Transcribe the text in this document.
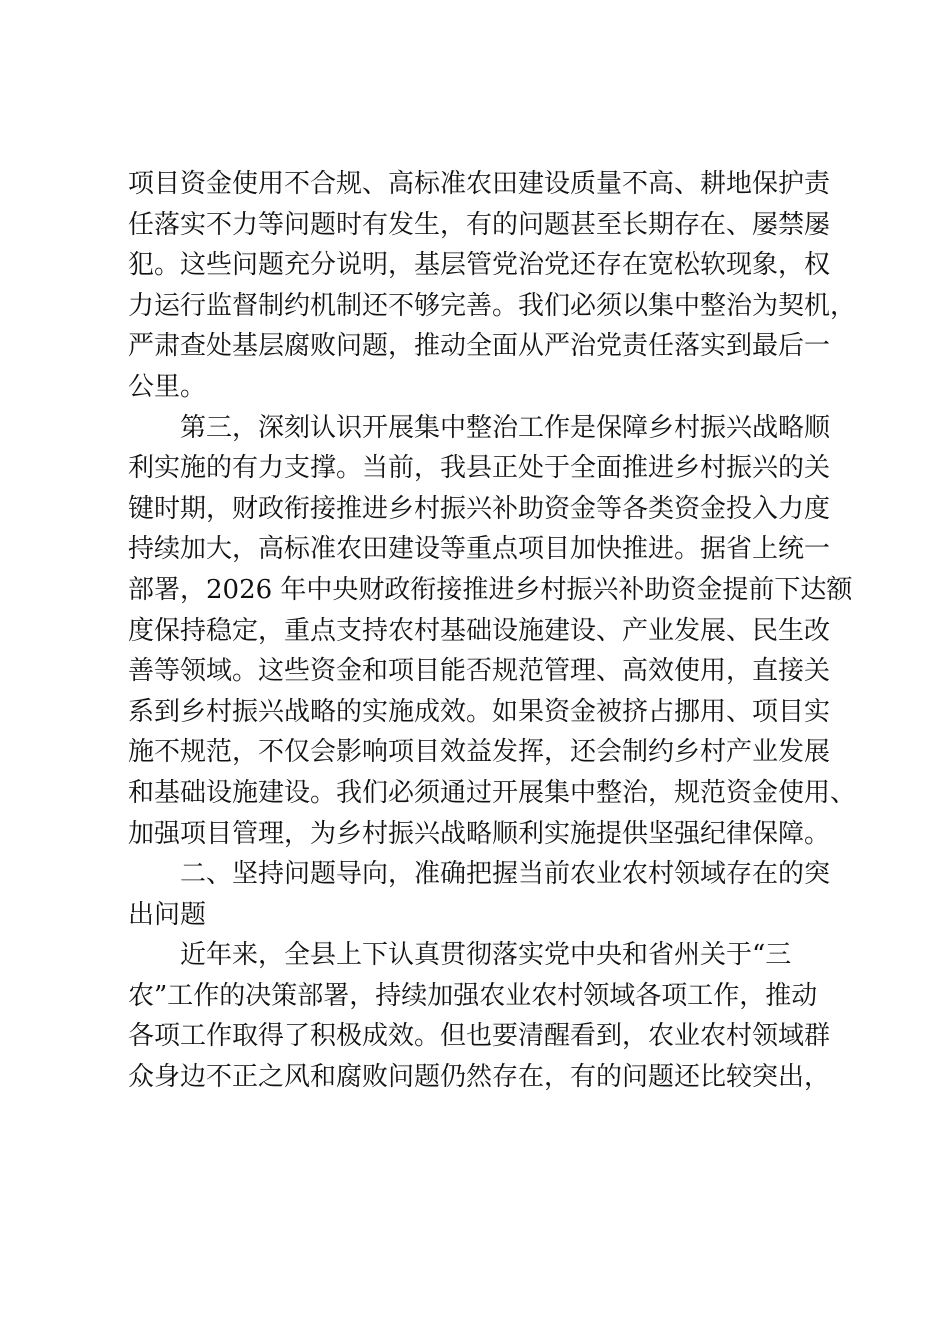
项目资金使用不合规、高标准农田建设质量不高、耕地保护责
任落实不力等问题时有发生，有的问题甚至长期存在、屡禁屡
犯。这些问题充分说明，基层管党治党还存在宽松软现象，权
力运行监督制约机制还不够完善。我们必须以集中整治为契机，
严肃查处基层腐败问题，推动全面从严治党责任落实到最后一
公里。
第三，深刻认识开展集中整治工作是保障乡村振兴战略顺
利实施的有力支撑。当前，我县正处于全面推进乡村振兴的关
键时期，财政衔接推进乡村振兴补助资金等各类资金投入力度
持续加大，高标准农田建设等重点项目加快推进。据省上统一
部署，2026 年中央财政衔接推进乡村振兴补助资金提前下达额
度保持稳定，重点支持农村基础设施建设、产业发展、民生改
善等领域。这些资金和项目能否规范管理、高效使用，直接关
系到乡村振兴战略的实施成效。如果资金被挤占挪用、项目实
施不规范，不仅会影响项目效益发挥，还会制约乡村产业发展
和基础设施建设。我们必须通过开展集中整治，规范资金使用、
加强项目管理，为乡村振兴战略顺利实施提供坚强纪律保障。
二、坚持问题导向，准确把握当前农业农村领域存在的突
出问题
近年来，全县上下认真贯彻落实党中央和省州关于“三
农”工作的决策部署，持续加强农业农村领域各项工作，推动
各项工作取得了积极成效。但也要清醒看到，农业农村领域群
众身边不正之风和腐败问题仍然存在，有的问题还比较突出，
